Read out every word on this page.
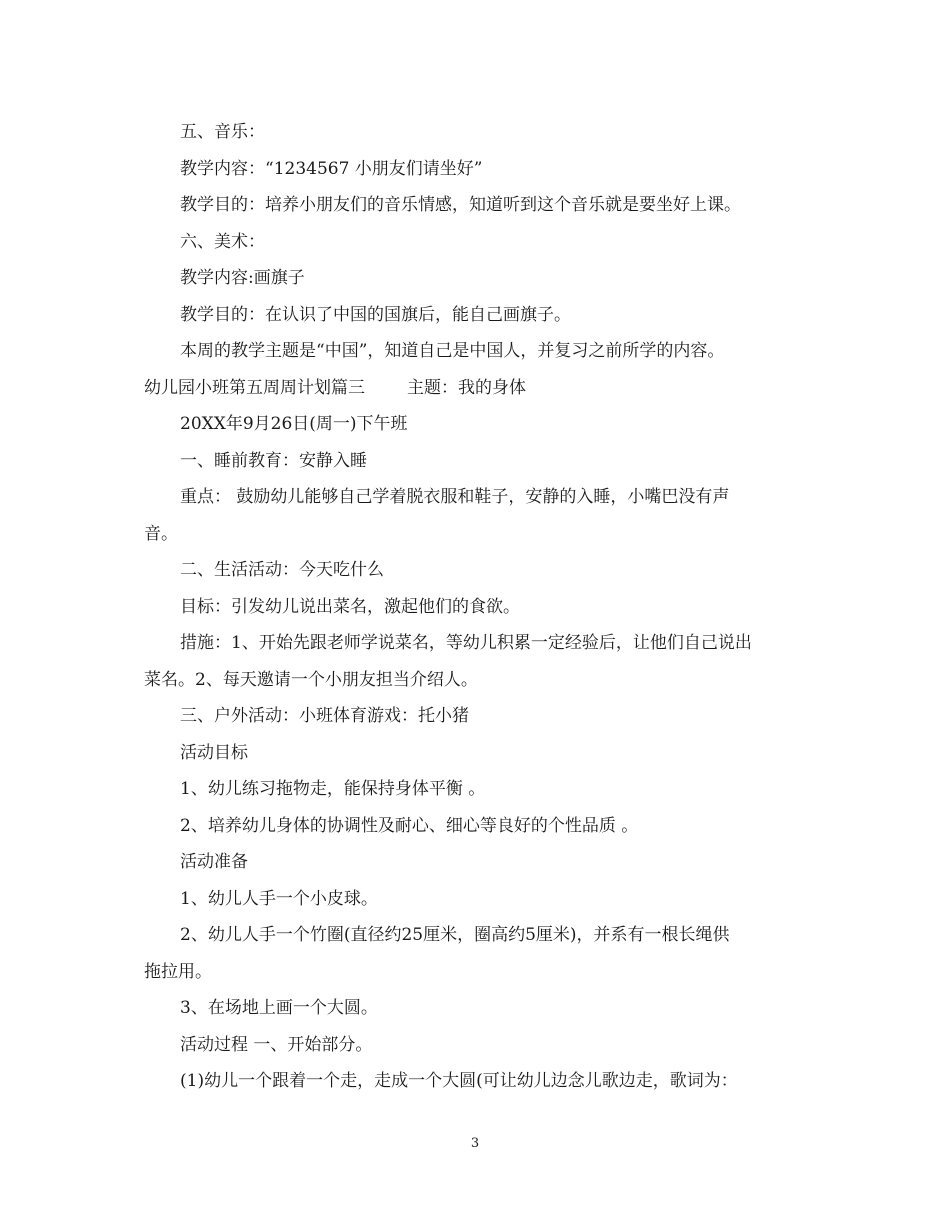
五、音乐：

教学内容：“1234567 小朋友们请坐好”

教学目的：培养小朋友们的音乐情感，知道听到这个音乐就是要坐好上课。

六、美术：

教学内容:画旗子

教学目的：在认识了中国的国旗后，能自己画旗子。

本周的教学主题是“中国”，知道自己是中国人，并复习之前所学的内容。

幼儿园小班第五周周计划篇三 主题：我的身体

20XX年9月26日(周一)下午班

一、睡前教育：安静入睡

重点： 鼓励幼儿能够自己学着脱衣服和鞋子，安静的入睡，小嘴巴没有声

音。

二、生活活动：今天吃什么

目标：引发幼儿说出菜名，激起他们的食欲。

措施：1、开始先跟老师学说菜名，等幼儿积累一定经验后，让他们自己说出

菜名。2、每天邀请一个小朋友担当介绍人。

三、户外活动：小班体育游戏：托小猪

活动目标

1、幼儿练习拖物走，能保持身体平衡 。

2、培养幼儿身体的协调性及耐心、细心等良好的个性品质 。

活动准备

1、幼儿人手一个小皮球。

2、幼儿人手一个竹圈(直径约25厘米，圈高约5厘米)，并系有一根长绳供

拖拉用。

3、在场地上画一个大圆。

活动过程 一、开始部分。

(1)幼儿一个跟着一个走，走成一个大圆(可让幼儿边念儿歌边走，歌词为：

3
